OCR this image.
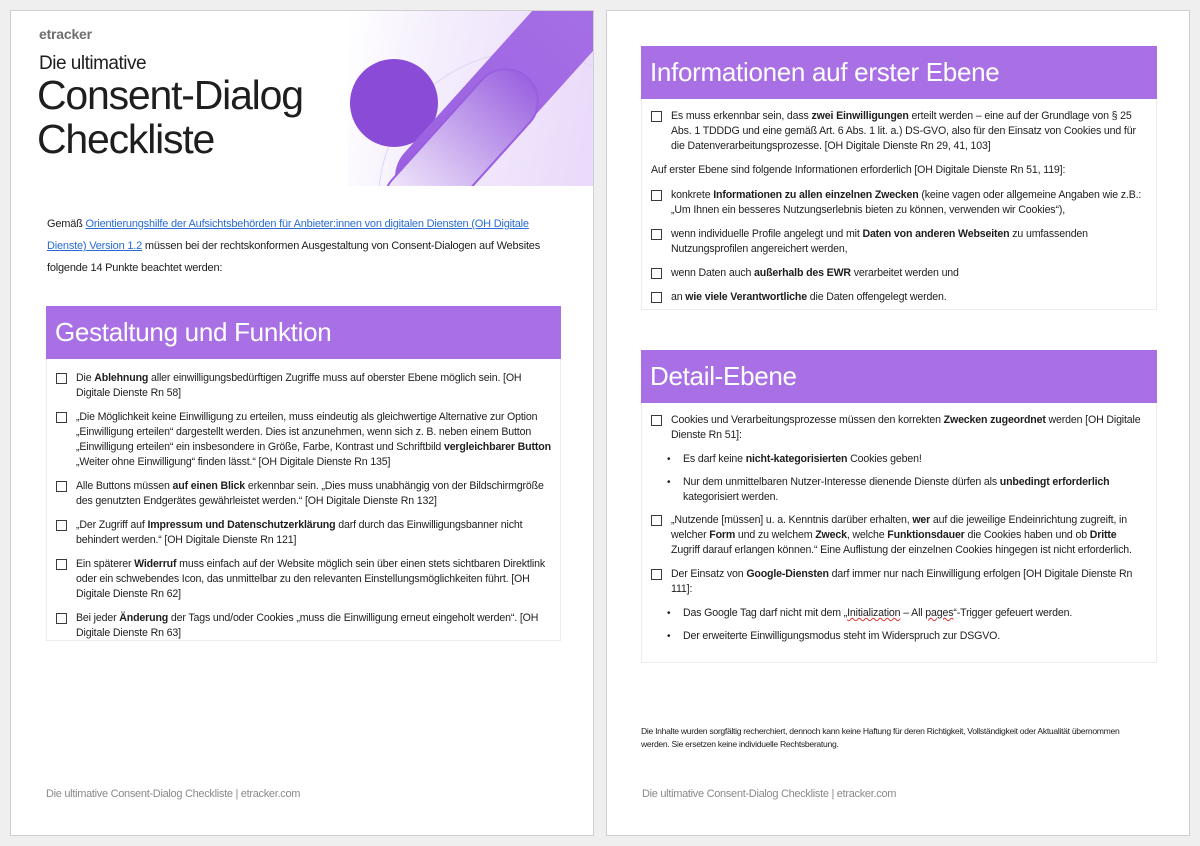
etracker
Die ultimative
Consent-Dialog
Checkliste
Gemäß Orientierungshilfe der Aufsichtsbehörden für Anbieter:innen von digitalen Diensten (OH Digitale Dienste) Version 1.2 müssen bei der rechtskonformen Ausgestaltung von Consent-Dialogen auf Websites folgende 14 Punkte beachtet werden:
Gestaltung und Funktion
Die Ablehnung aller einwilligungsbedürftigen Zugriffe muss auf oberster Ebene möglich sein. [OH Digitale Dienste Rn 58]
„Die Möglichkeit keine Einwilligung zu erteilen, muss eindeutig als gleichwertige Alternative zur Option „Einwilligung erteilen“ dargestellt werden. Dies ist anzunehmen, wenn sich z. B. neben einem Button „Einwilligung erteilen“ ein insbesondere in Größe, Farbe, Kontrast und Schriftbild vergleichbarer Button „Weiter ohne Einwilligung“ finden lässt.“ [OH Digitale Dienste Rn 135]
Alle Buttons müssen auf einen Blick erkennbar sein. „Dies muss unabhängig von der Bildschirmgröße des genutzten Endgerätes gewährleistet werden.“ [OH Digitale Dienste Rn 132]
„Der Zugriff auf Impressum und Datenschutzerklärung darf durch das Einwilligungsbanner nicht behindert werden.“ [OH Digitale Dienste Rn 121]
Ein späterer Widerruf muss einfach auf der Website möglich sein über einen stets sichtbaren Direktlink oder ein schwebendes Icon, das unmittelbar zu den relevanten Einstellungsmöglichkeiten führt. [OH Digitale Dienste Rn 62]
Bei jeder Änderung der Tags und/oder Cookies „muss die Einwilligung erneut eingeholt werden“. [OH Digitale Dienste Rn 63]
Die ultimative Consent-Dialog Checkliste | etracker.com
Informationen auf erster Ebene
Es muss erkennbar sein, dass zwei Einwilligungen erteilt werden – eine auf der Grundlage von § 25 Abs. 1 TDDDG und eine gemäß Art. 6 Abs. 1 lit. a.) DS-GVO, also für den Einsatz von Cookies und für die Datenverarbeitungsprozesse. [OH Digitale Dienste Rn 29, 41, 103]
Auf erster Ebene sind folgende Informationen erforderlich [OH Digitale Dienste Rn 51, 119]:
konkrete Informationen zu allen einzelnen Zwecken (keine vagen oder allgemeine Angaben wie z.B.: „Um Ihnen ein besseres Nutzungserlebnis bieten zu können, verwenden wir Cookies“),
wenn individuelle Profile angelegt und mit Daten von anderen Webseiten zu umfassenden Nutzungsprofilen angereichert werden,
wenn Daten auch außerhalb des EWR verarbeitet werden und
an wie viele Verantwortliche die Daten offengelegt werden.
Detail-Ebene
Cookies und Verarbeitungsprozesse müssen den korrekten Zwecken zugeordnet werden [OH Digitale Dienste Rn 51]:
•	Es darf keine nicht-kategorisierten Cookies geben!
•	Nur dem unmittelbaren Nutzer-Interesse dienende Dienste dürfen als unbedingt erforderlich kategorisiert werden.
„Nutzende [müssen] u. a. Kenntnis darüber erhalten, wer auf die jeweilige Endeinrichtung zugreift, in welcher Form und zu welchem Zweck, welche Funktionsdauer die Cookies haben und ob Dritte Zugriff darauf erlangen können.“ Eine Auflistung der einzelnen Cookies hingegen ist nicht erforderlich.
Der Einsatz von Google-Diensten darf immer nur nach Einwilligung erfolgen [OH Digitale Dienste Rn 111]:
•	Das Google Tag darf nicht mit dem „Initialization – All pages“-Trigger gefeuert werden.
•	Der erweiterte Einwilligungsmodus steht im Widerspruch zur DSGVO.
Die Inhalte wurden sorgfältig recherchiert, dennoch kann keine Haftung für deren Richtigkeit, Vollständigkeit oder Aktualität übernommen werden. Sie ersetzen keine individuelle Rechtsberatung.
Die ultimative Consent-Dialog Checkliste | etracker.com
